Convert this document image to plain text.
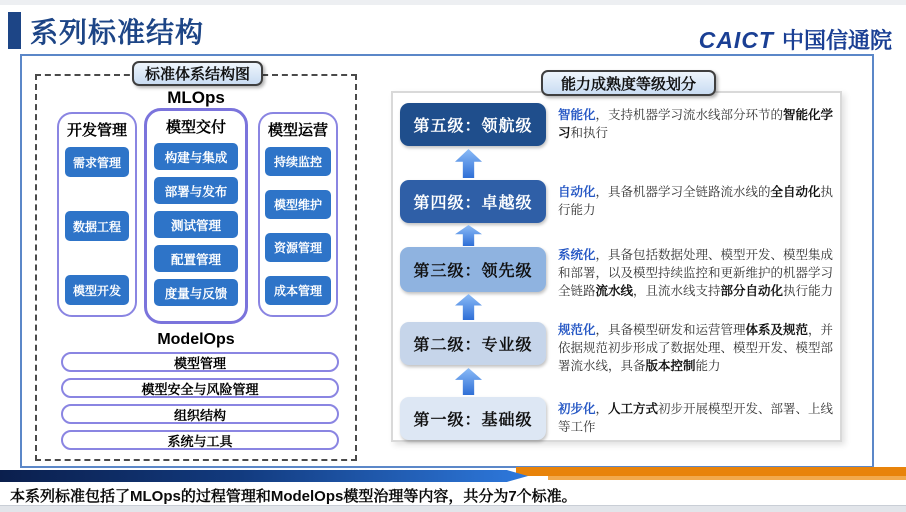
系列标准结构	CAICT 中国信通院
标准体系结构图
MLOps
开发管理
需求管理
数据工程
模型开发
模型交付
构建与集成
部署与发布
测试管理
配置管理
度量与反馈
模型运营
持续监控
模型维护
资源管理
成本管理
ModelOps
模型管理
模型安全与风险管理
组织结构
系统与工具
能力成熟度等级划分
第五级：领航级
智能化，支持机器学习流水线部分环节的智能化学习和执行
第四级：卓越级
自动化，具备机器学习全链路流水线的全自动化执行能力
第三级：领先级
系统化，具备包括数据处理、模型开发、模型集成和部署，以及模型持续监控和更新维护的机器学习全链路流水线，且流水线支持部分自动化执行能力
第二级：专业级
规范化，具备模型研发和运营管理体系及规范，并依据规范初步形成了数据处理、模型开发、模型部署流水线，具备版本控制能力
第一级：基础级
初步化，人工方式初步开展模型开发、部署、上线等工作
本系列标准包括了MLOps的过程管理和ModelOps模型治理等内容，共分为7个标准。
